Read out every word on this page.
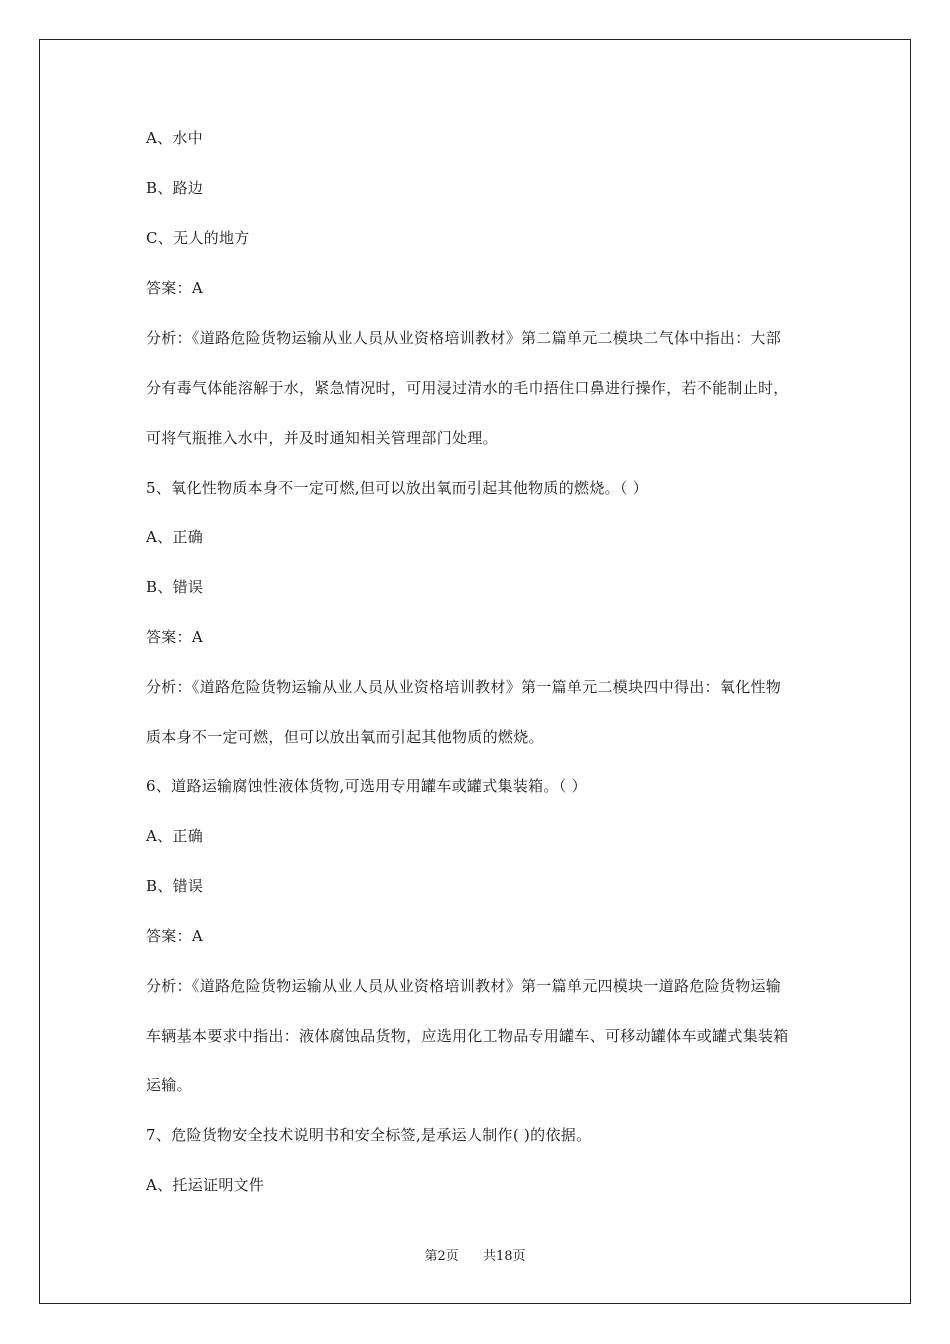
A、水中
B、路边
C、无人的地方
答案：A
分析：《道路危险货物运输从业人员从业资格培训教材》第二篇单元二模块二气体中指出：大部
分有毒气体能溶解于水，紧急情况时，可用浸过清水的毛巾捂住口鼻进行操作，若不能制止时，
可将气瓶推入水中，并及时通知相关管理部门处理。
5、氧化性物质本身不一定可燃,但可以放出氧而引起其他物质的燃烧。（ ）
A、正确
B、错误
答案：A
分析：《道路危险货物运输从业人员从业资格培训教材》第一篇单元二模块四中得出：氧化性物
质本身不一定可燃，但可以放出氧而引起其他物质的燃烧。
6、道路运输腐蚀性液体货物,可选用专用罐车或罐式集装箱。（ ）
A、正确
B、错误
答案：A
分析：《道路危险货物运输从业人员从业资格培训教材》第一篇单元四模块一道路危险货物运输
车辆基本要求中指出：液体腐蚀品货物，应选用化工物品专用罐车、可移动罐体车或罐式集装箱
运输。
7、危险货物安全技术说明书和安全标签,是承运人制作( )的依据。
A、托运证明文件
第2页 共18页
